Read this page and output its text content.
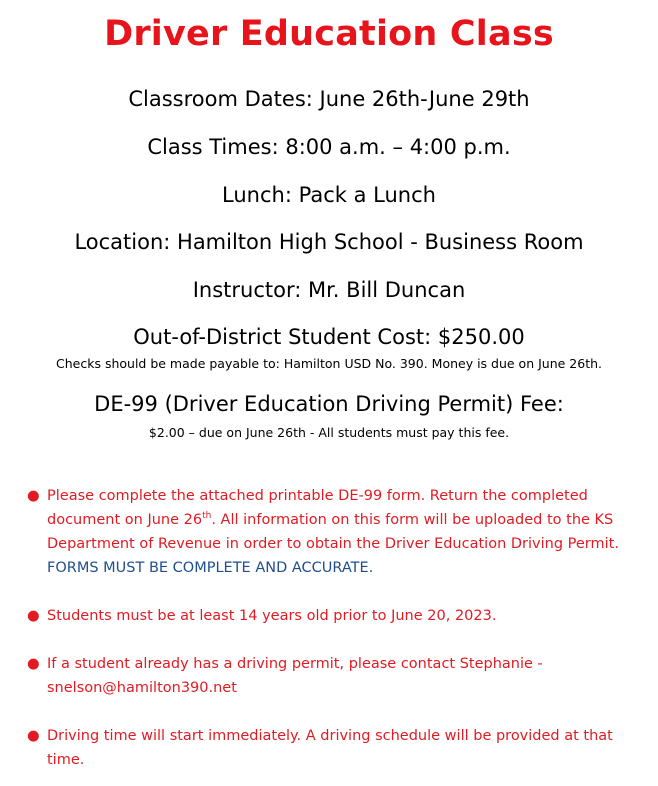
Driver Education Class
Classroom Dates: June 26th-June 29th
Class Times: 8:00 a.m. – 4:00 p.m.
Lunch: Pack a Lunch
Location: Hamilton High School - Business Room
Instructor: Mr. Bill Duncan
Out-of-District Student Cost: $250.00
Checks should be made payable to: Hamilton USD No. 390. Money is due on June 26th.
DE-99 (Driver Education Driving Permit) Fee:
$2.00 – due on June 26th - All students must pay this fee.
● Please complete the attached printable DE-99 form. Return the completed document on June 26th. All information on this form will be uploaded to the KS Department of Revenue in order to obtain the Driver Education Driving Permit. FORMS MUST BE COMPLETE AND ACCURATE.
● Students must be at least 14 years old prior to June 20, 2023.
● If a student already has a driving permit, please contact Stephanie - snelson@hamilton390.net
● Driving time will start immediately. A driving schedule will be provided at that time.
